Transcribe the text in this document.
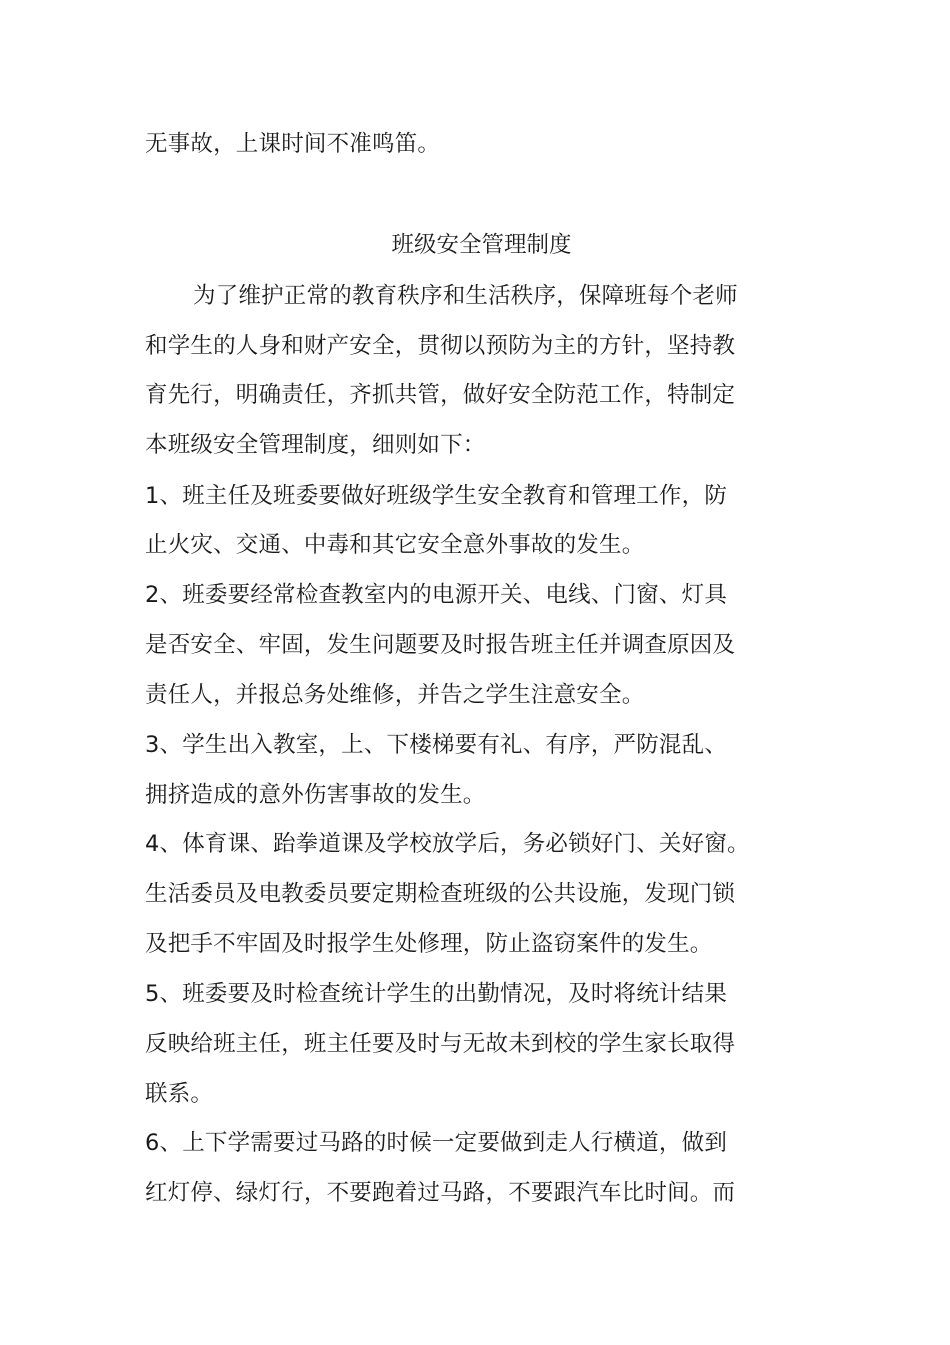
无事故，上课时间不准鸣笛。
班级安全管理制度
为了维护正常的教育秩序和生活秩序，保障班每个老师
和学生的人身和财产安全，贯彻以预防为主的方针，坚持教
育先行，明确责任，齐抓共管，做好安全防范工作，特制定
本班级安全管理制度，细则如下：
1、班主任及班委要做好班级学生安全教育和管理工作，防
止火灾、交通、中毒和其它安全意外事故的发生。
2、班委要经常检查教室内的电源开关、电线、门窗、灯具
是否安全、牢固，发生问题要及时报告班主任并调查原因及
责任人，并报总务处维修，并告之学生注意安全。
3、学生出入教室，上、下楼梯要有礼、有序，严防混乱、
拥挤造成的意外伤害事故的发生。
4、体育课、跆拳道课及学校放学后，务必锁好门、关好窗。
生活委员及电教委员要定期检查班级的公共设施，发现门锁
及把手不牢固及时报学生处修理，防止盗窃案件的发生。
5、班委要及时检查统计学生的出勤情况，及时将统计结果
反映给班主任，班主任要及时与无故未到校的学生家长取得
联系。
6、上下学需要过马路的时候一定要做到走人行横道，做到
红灯停、绿灯行，不要跑着过马路，不要跟汽车比时间。而
